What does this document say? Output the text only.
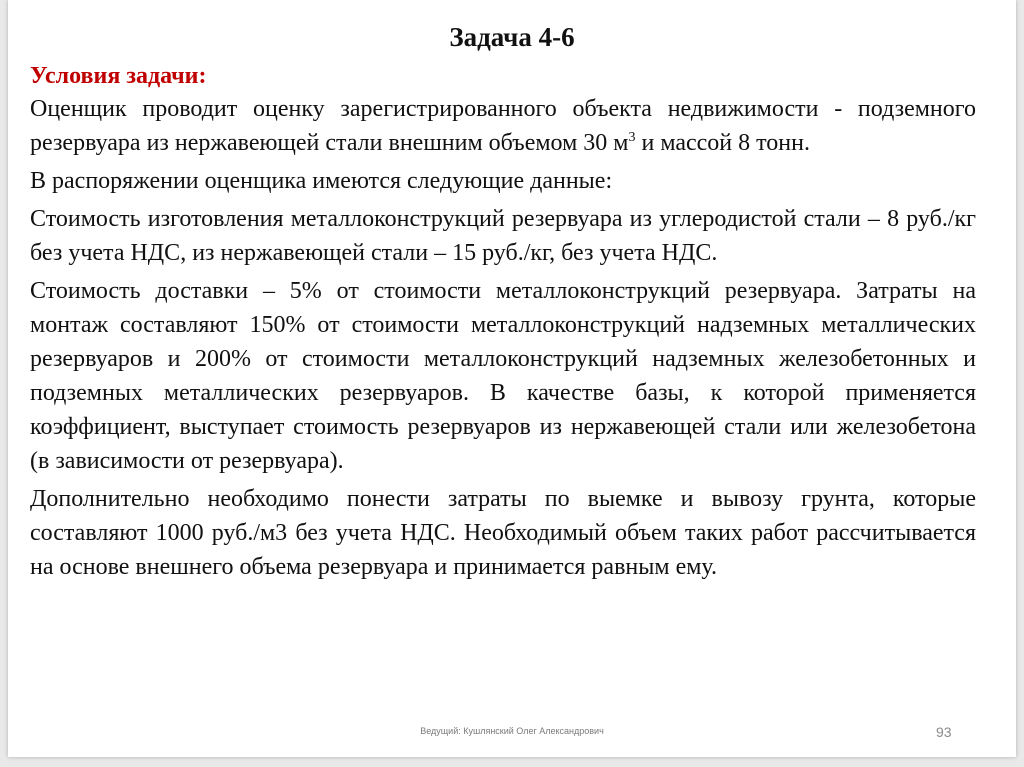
Задача 4-6
Условия задачи:

Оценщик проводит оценку зарегистрированного объекта недвижимости - подземного резервуара из нержавеющей стали внешним объемом 30 $м^3$ и массой 8 тонн.

В распоряжении оценщика имеются следующие данные:

Стоимость изготовления металлоконструкций резервуара из углеродистой стали – 8 руб./кг без учета НДС, из нержавеющей стали – 15 руб./кг, без учета НДС.

Стоимость доставки – 5% от стоимости металлоконструкций резервуара. Затраты на монтаж составляют 150% от стоимости металлоконструкций надземных металлических резервуаров и 200% от стоимости металлоконструкций надземных железобетонных и подземных металлических резервуаров. В качестве базы, к которой применяется коэффициент, выступает стоимость резервуаров из нержавеющей стали или железобетона (в зависимости от резервуара).

Дополнительно необходимо понести затраты по выемке и вывозу грунта, которые составляют 1000 руб./м3 без учета НДС. Необходимый объем таких работ рассчитывается на основе внешнего объема резервуара и принимается равным ему.

Ведущий: Кушлянский Олег Александрович	93
